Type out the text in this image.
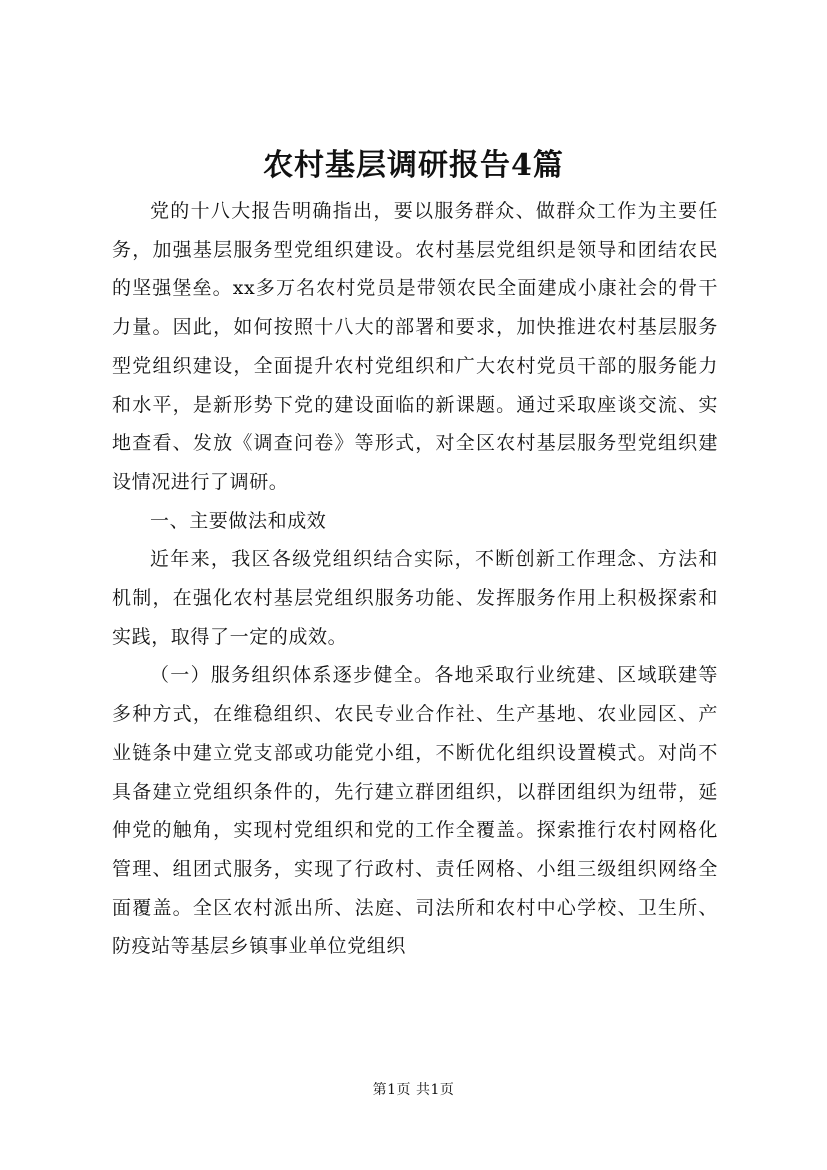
农村基层调研报告4篇

党的十八大报告明确指出，要以服务群众、做群众工作为主要任务，加强基层服务型党组织建设。农村基层党组织是领导和团结农民的坚强堡垒。xx多万名农村党员是带领农民全面建成小康社会的骨干力量。因此，如何按照十八大的部署和要求，加快推进农村基层服务型党组织建设，全面提升农村党组织和广大农村党员干部的服务能力和水平，是新形势下党的建设面临的新课题。通过采取座谈交流、实地查看、发放《调查问卷》等形式，对全区农村基层服务型党组织建设情况进行了调研。

一、主要做法和成效

近年来，我区各级党组织结合实际，不断创新工作理念、方法和机制，在强化农村基层党组织服务功能、发挥服务作用上积极探索和实践，取得了一定的成效。

（一）服务组织体系逐步健全。各地采取行业统建、区域联建等多种方式，在维稳组织、农民专业合作社、生产基地、农业园区、产业链条中建立党支部或功能党小组，不断优化组织设置模式。对尚不具备建立党组织条件的，先行建立群团组织，以群团组织为纽带，延伸党的触角，实现村党组织和党的工作全覆盖。探索推行农村网格化管理、组团式服务，实现了行政村、责任网格、小组三级组织网络全面覆盖。全区农村派出所、法庭、司法所和农村中心学校、卫生所、防疫站等基层乡镇事业单位党组织

第1页 共1页
